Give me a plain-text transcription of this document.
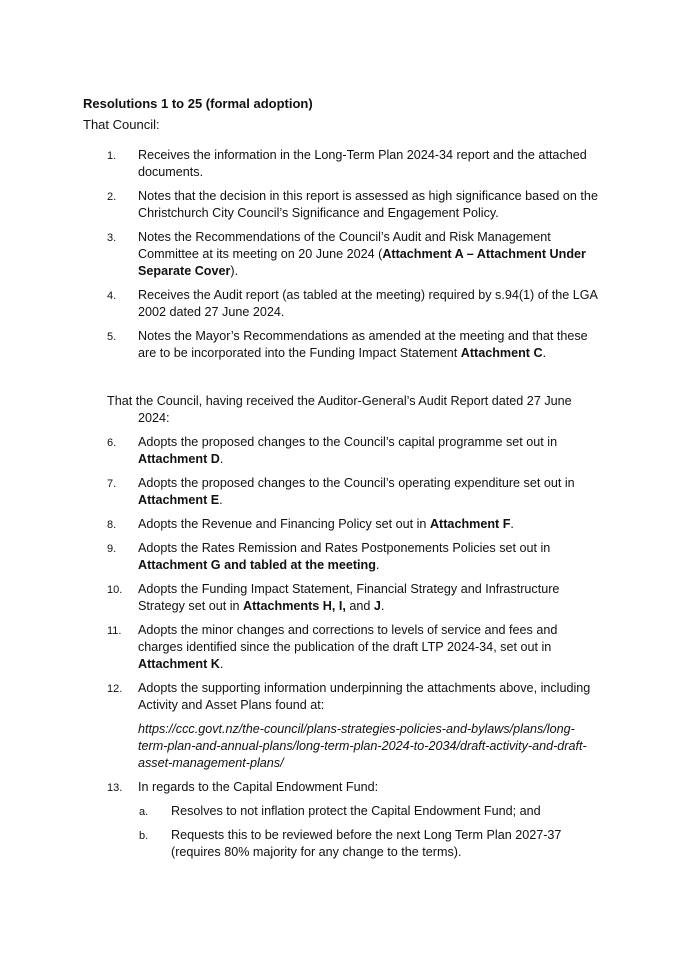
Resolutions 1 to 25 (formal adoption)
That Council:
1. Receives the information in the Long-Term Plan 2024-34 report and the attached documents.
2. Notes that the decision in this report is assessed as high significance based on the Christchurch City Council’s Significance and Engagement Policy.
3. Notes the Recommendations of the Council’s Audit and Risk Management Committee at its meeting on 20 June 2024 (Attachment A – Attachment Under Separate Cover).
4. Receives the Audit report (as tabled at the meeting) required by s.94(1) of the LGA 2002 dated 27 June 2024.
5. Notes the Mayor’s Recommendations as amended at the meeting and that these are to be incorporated into the Funding Impact Statement Attachment C.
That the Council, having received the Auditor-General’s Audit Report dated 27 June
2024:
6. Adopts the proposed changes to the Council’s capital programme set out in Attachment D.
7. Adopts the proposed changes to the Council’s operating expenditure set out in Attachment E.
8. Adopts the Revenue and Financing Policy set out in Attachment F.
9. Adopts the Rates Remission and Rates Postponements Policies set out in Attachment G and tabled at the meeting.
10. Adopts the Funding Impact Statement, Financial Strategy and Infrastructure Strategy set out in Attachments H, I, and J.
11. Adopts the minor changes and corrections to levels of service and fees and charges identified since the publication of the draft LTP 2024-34, set out in Attachment K.
12. Adopts the supporting information underpinning the attachments above, including Activity and Asset Plans found at:
https://ccc.govt.nz/the-council/plans-strategies-policies-and-bylaws/plans/long-term-plan-and-annual-plans/long-term-plan-2024-to-2034/draft-activity-and-draft-asset-management-plans/
13. In regards to the Capital Endowment Fund:
a. Resolves to not inflation protect the Capital Endowment Fund; and
b. Requests this to be reviewed before the next Long Term Plan 2027-37 (requires 80% majority for any change to the terms).
